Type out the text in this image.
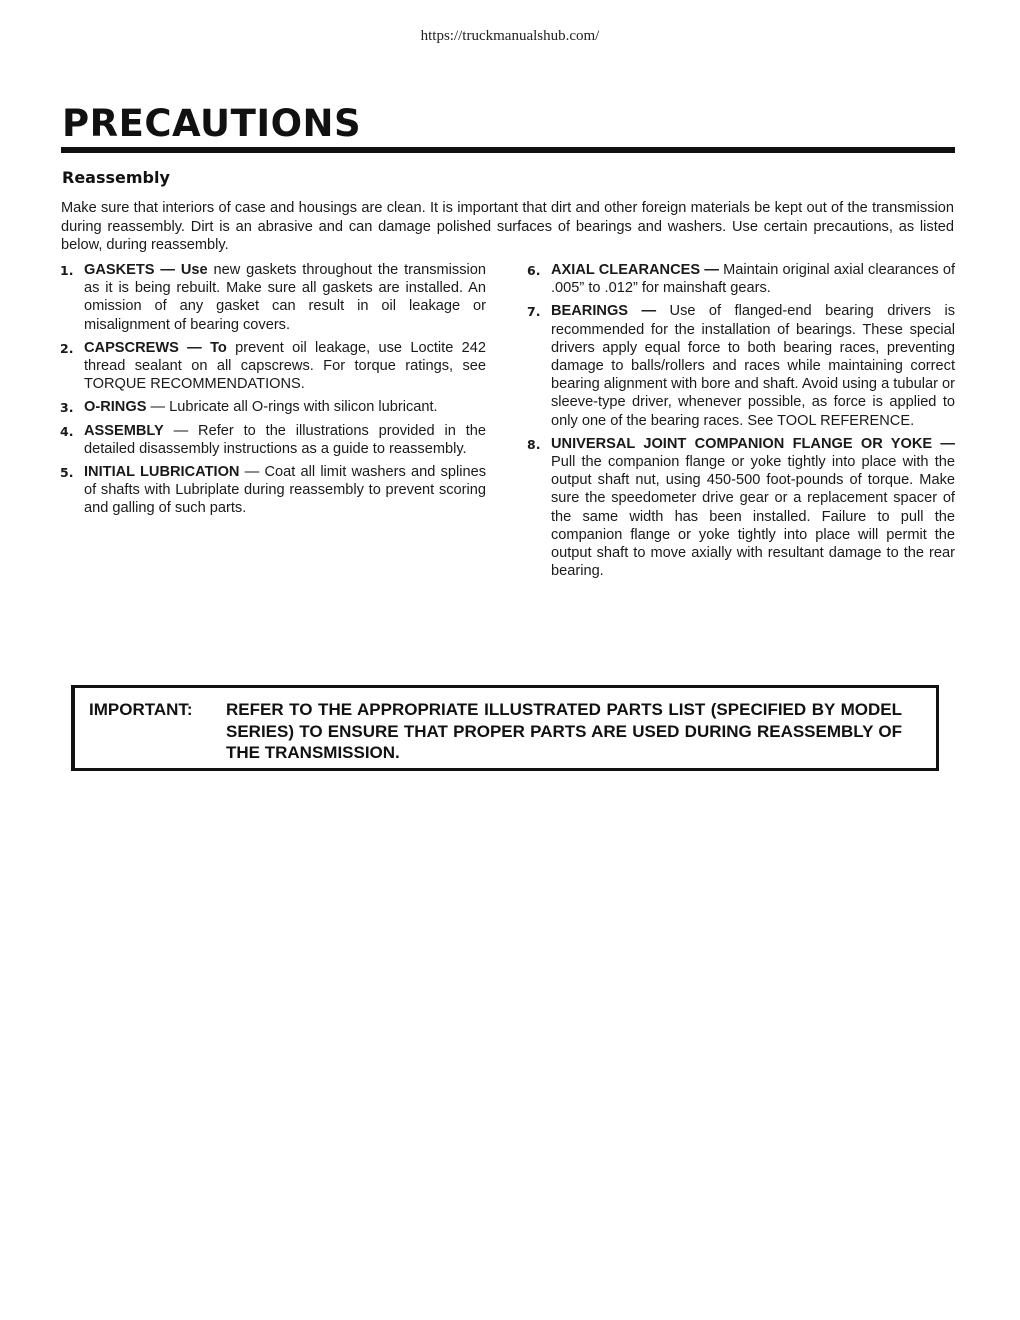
https://truckmanualshub.com/
PRECAUTIONS
Reassembly

Make sure that interiors of case and housings are clean. It is important that dirt and other foreign materials be kept out of the transmission during reassembly. Dirt is an abrasive and can damage polished surfaces of bearings and washers. Use certain precautions, as listed below, during reassembly.

1. GASKETS — Use new gaskets throughout the transmission as it is being rebuilt. Make sure all gaskets are installed. An omission of any gasket can result in oil leakage or misalignment of bearing covers.
2. CAPSCREWS — To prevent oil leakage, use Loctite 242 thread sealant on all capscrews. For torque ratings, see TORQUE RECOMMENDATIONS.
3. O-RINGS — Lubricate all O-rings with silicon lubricant.
4. ASSEMBLY — Refer to the illustrations provided in the detailed disassembly instructions as a guide to reassembly.
5. INITIAL LUBRICATION — Coat all limit washers and splines of shafts with Lubriplate during reassembly to prevent scoring and galling of such parts.
6. AXIAL CLEARANCES — Maintain original axial clearances of .005” to .012” for mainshaft gears.
7. BEARINGS — Use of flanged-end bearing drivers is recommended for the installation of bearings. These special drivers apply equal force to both bearing races, preventing damage to balls/rollers and races while maintaining correct bearing alignment with bore and shaft. Avoid using a tubular or sleeve-type driver, whenever possible, as force is applied to only one of the bearing races. See TOOL REFERENCE.
8. UNIVERSAL JOINT COMPANION FLANGE OR YOKE — Pull the companion flange or yoke tightly into place with the output shaft nut, using 450-500 foot-pounds of torque. Make sure the speedometer drive gear or a replacement spacer of the same width has been installed. Failure to pull the companion flange or yoke tightly into place will permit the output shaft to move axially with resultant damage to the rear bearing.
IMPORTANT: REFER TO THE APPROPRIATE ILLUSTRATED PARTS LIST (SPECIFIED BY MODEL SERIES) TO ENSURE THAT PROPER PARTS ARE USED DURING REASSEMBLY OF THE TRANSMISSION.
